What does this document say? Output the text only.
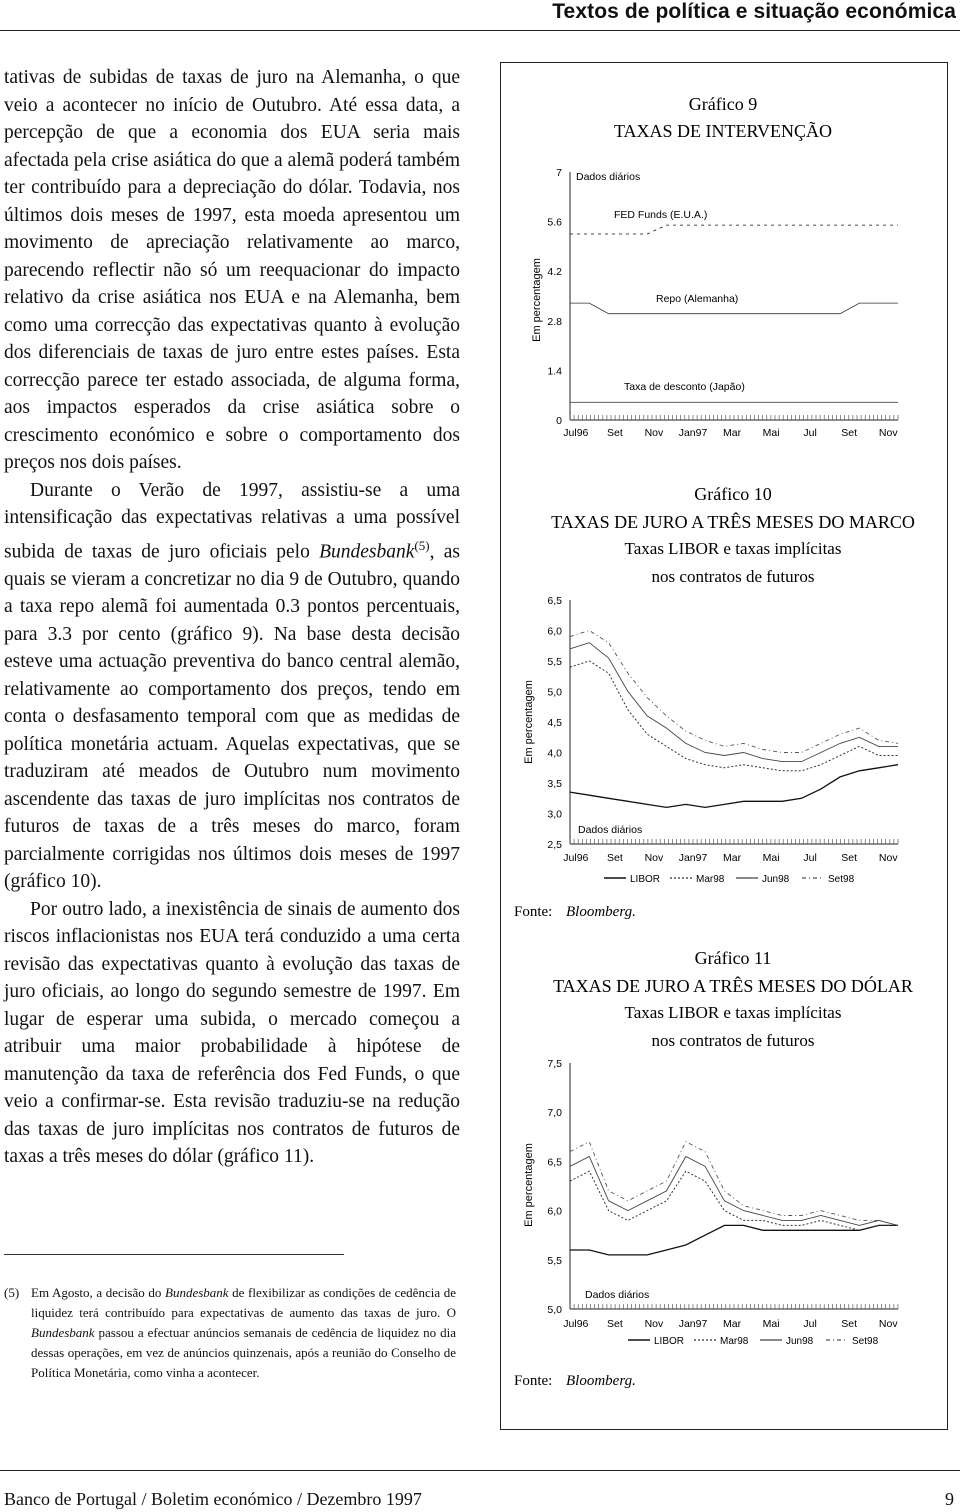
Textos de política e situação económica

tativas de subidas de taxas de juro na Alemanha, o que veio a acontecer no início de Outubro. Até essa data, a percepção de que a economia dos EUA seria mais afectada pela crise asiática do que a alemã poderá também ter contribuído para a depreciação do dólar. Todavia, nos últimos dois meses de 1997, esta moeda apresentou um movimento de apreciação relativamente ao marco, parecendo reflectir não só um reequacionar do impacto relativo da crise asiática nos EUA e na Alemanha, bem como uma correcção das expectativas quanto à evolução dos diferenciais de taxas de juro entre estes países. Esta correcção parece ter estado associada, de alguma forma, aos impactos esperados da crise asiática sobre o crescimento económico e sobre o comportamento dos preços nos dois países.

Durante o Verão de 1997, assistiu-se a uma intensificação das expectativas relativas a uma possível subida de taxas de juro oficiais pelo Bundesbank$^{(5)}$, as quais se vieram a concretizar no dia 9 de Outubro, quando a taxa repo alemã foi aumentada 0.3 pontos percentuais, para 3.3 por cento (gráfico 9). Na base desta decisão esteve uma actuação preventiva do banco central alemão, relativamente ao comportamento dos preços, tendo em conta o desfasamento temporal com que as medidas de política monetária actuam. Aquelas expectativas, que se traduziram até meados de Outubro num movimento ascendente das taxas de juro implícitas nos contratos de futuros de taxas de a três meses do marco, foram parcialmente corrigidas nos últimos dois meses de 1997 (gráfico 10).

Por outro lado, a inexistência de sinais de aumento dos riscos inflacionistas nos EUA terá conduzido a uma certa revisão das expectativas quanto à evolução das taxas de juro oficiais, ao longo do segundo semestre de 1997. Em lugar de esperar uma subida, o mercado começou a atribuir uma maior probabilidade à hipótese de manutenção da taxa de referência dos Fed Funds, o que veio a confirmar-se. Esta revisão traduziu-se na redução das taxas de juro implícitas nos contratos de futuros de taxas a três meses do dólar (gráfico 11).

(5) Em Agosto, a decisão do Bundesbank de flexibilizar as condições de cedência de liquidez terá contribuído para expectativas de aumento das taxas de juro. O Bundesbank passou a efectuar anúncios semanais de cedência de liquidez no dia dessas operações, em vez de anúncios quinzenais, após a reunião do Conselho de Política Monetária, como vinha a acontecer.
Gráfico 9
TAXAS DE INTERVENÇÃO
Em percentagem
0
1.4
2.8
4.2
5.6
7
Jul96 Set Nov Jan97 Mar Mai Jul Set Nov
Dados diários
FED Funds (E.U.A.)
Repo (Alemanha)
Taxa de desconto (Japão)
Gráfico 10
TAXAS DE JURO A TRÊS MESES DO MARCO
Taxas LIBOR e taxas implícitas
nos contratos de futuros
Em percentagem
2,5
3,0
3,5
4,0
4,5
5,0
5,5
6,0
6,5
Jul96 Set Nov Jan97 Mar Mai Jul Set Nov
Dados diários
LIBOR	Mar98	Jun98	Set98
Fonte: Bloomberg.
Gráfico 11
TAXAS DE JURO A TRÊS MESES DO DÓLAR
Taxas LIBOR e taxas implícitas
nos contratos de futuros
Em percentagem
5,0
5,5
6,0
6,5
7,0
7,5
Jul96 Set Nov Jan97 Mar Mai Jul Set Nov
Dados diários
LIBOR	Mar98	Jun98	Set98
Fonte: Bloomberg.
Banco de Portugal / Boletim económico / Dezembro 1997	9
